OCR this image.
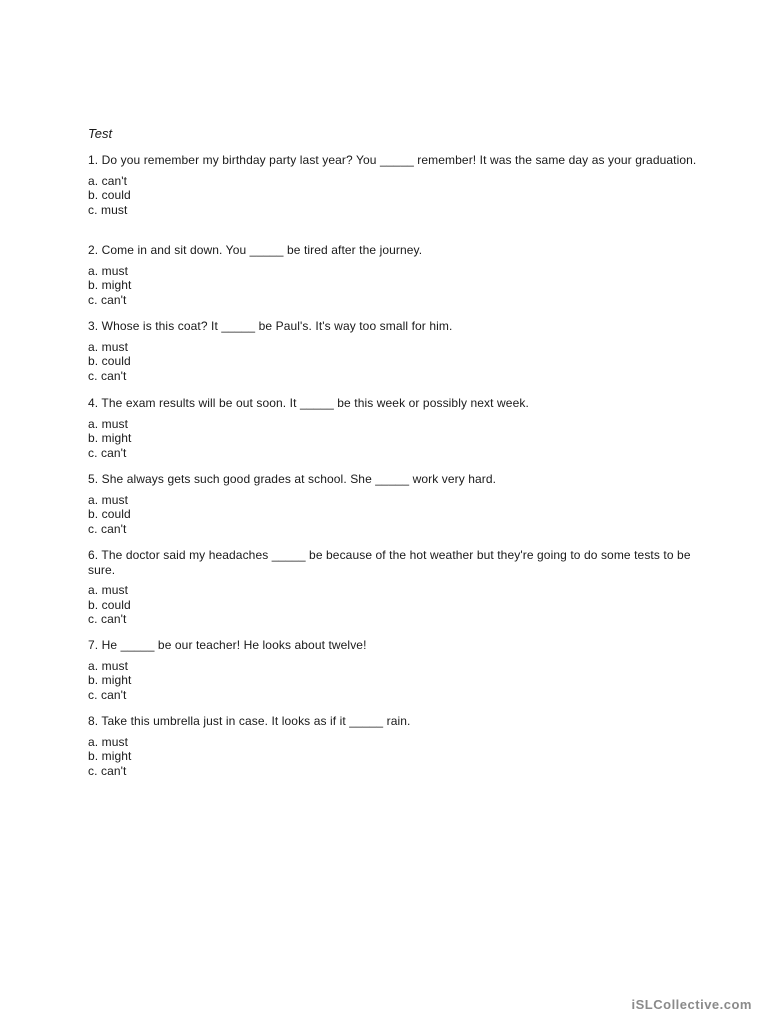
Test

1. Do you remember my birthday party last year? You _____ remember! It was the same day as your graduation.

a. can't
b. could
c. must

2. Come in and sit down. You _____ be tired after the journey.

a. must
b. might
c. can't

3. Whose is this coat? It _____ be Paul's. It's way too small for him.

a. must
b. could
c. can't

4. The exam results will be out soon. It _____ be this week or possibly next week.

a. must
b. might
c. can't

5. She always gets such good grades at school. She _____ work very hard.

a. must
b. could
c. can't

6. The doctor said my headaches _____ be because of the hot weather but they're going to do some tests to be sure.

a. must
b. could
c. can't

7. He _____ be our teacher! He looks about twelve!

a. must
b. might
c. can't

8. Take this umbrella just in case. It looks as if it _____ rain.

a. must
b. might
c. can't
iSLCollective.com
